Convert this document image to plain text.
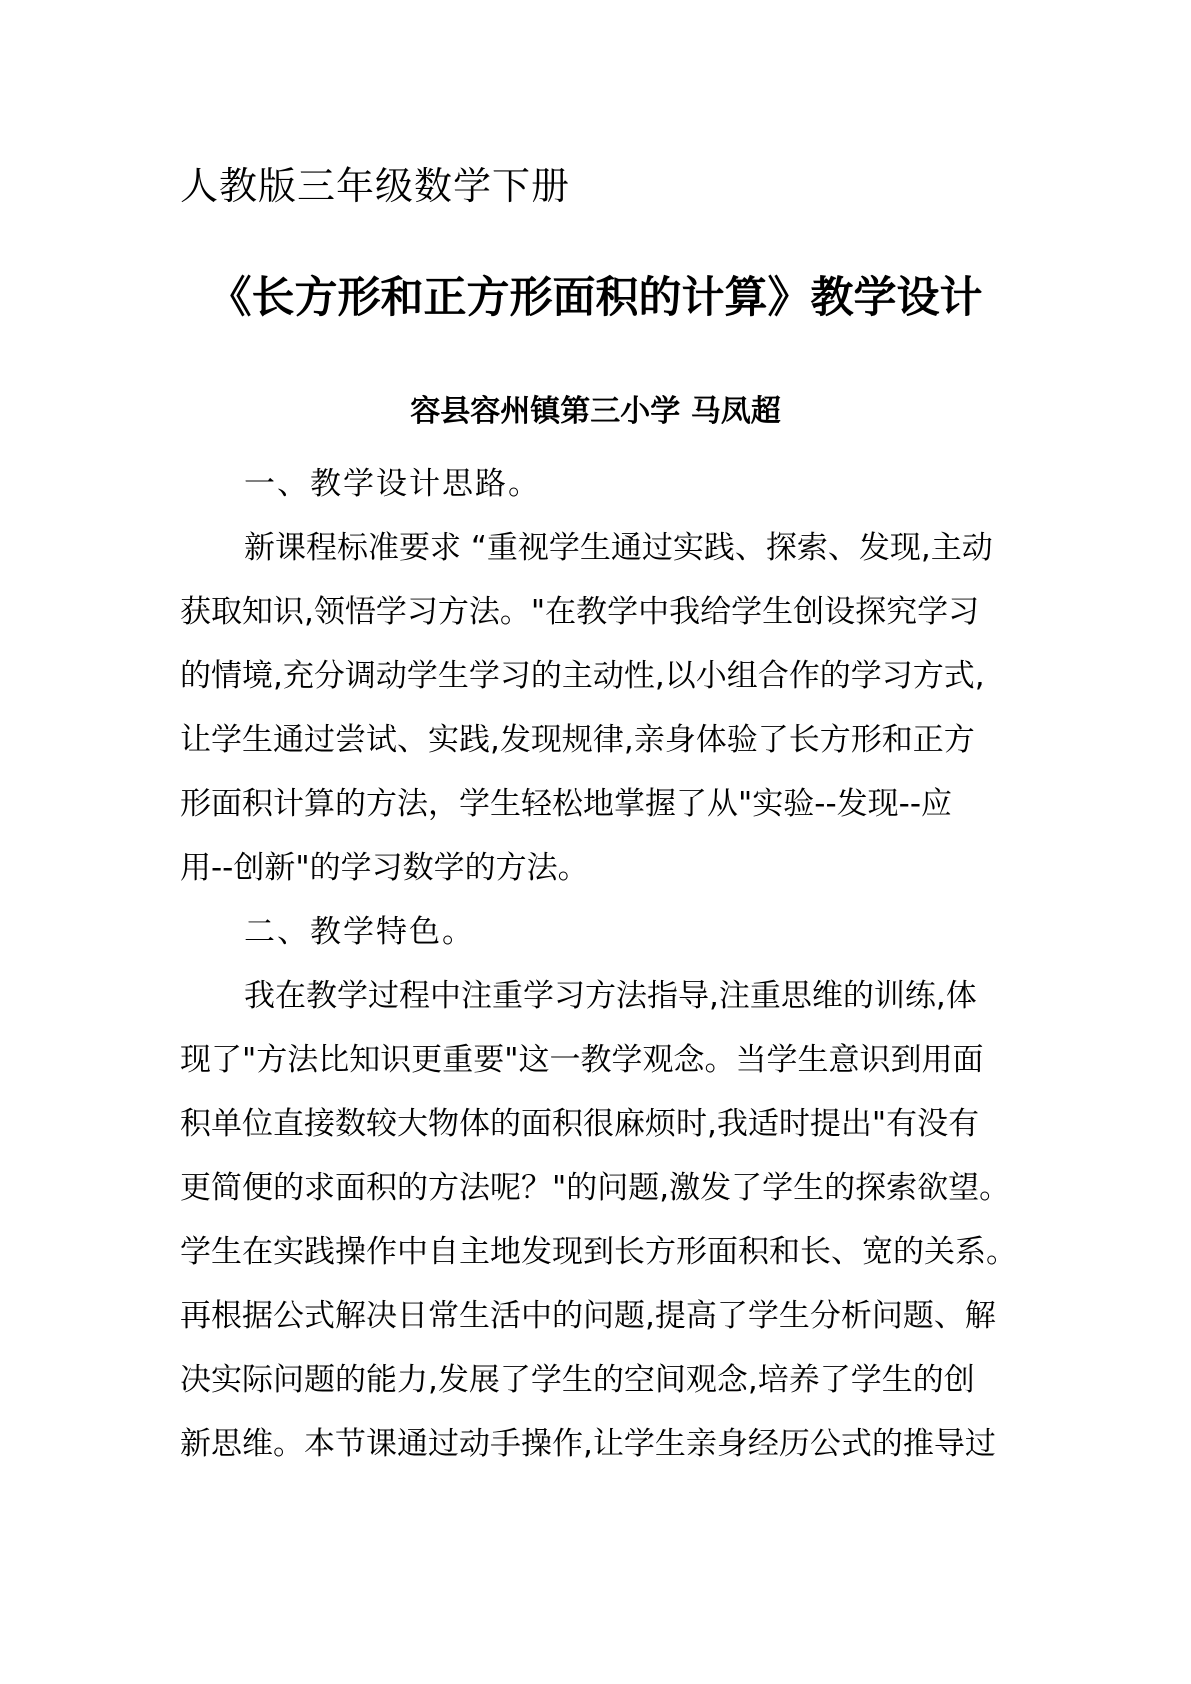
人教版三年级数学下册
《长方形和正方形面积的计算》教学设计
容县容州镇第三小学 马凤超
一、教学设计思路。
新课程标准要求 “重视学生通过实践、探索、发现,主动
获取知识,领悟学习方法。"在教学中我给学生创设探究学习
的情境,充分调动学生学习的主动性,以小组合作的学习方式,
让学生通过尝试、实践,发现规律,亲身体验了长方形和正方
形面积计算的方法，学生轻松地掌握了从"实验--发现--应
用--创新"的学习数学的方法。
二、教学特色。
我在教学过程中注重学习方法指导,注重思维的训练,体
现了"方法比知识更重要"这一教学观念。当学生意识到用面
积单位直接数较大物体的面积很麻烦时,我适时提出"有没有
更简便的求面积的方法呢？"的问题,激发了学生的探索欲望。
学生在实践操作中自主地发现到长方形面积和长、宽的关系。
再根据公式解决日常生活中的问题,提高了学生分析问题、解
决实际问题的能力,发展了学生的空间观念,培养了学生的创
新思维。本节课通过动手操作,让学生亲身经历公式的推导过
